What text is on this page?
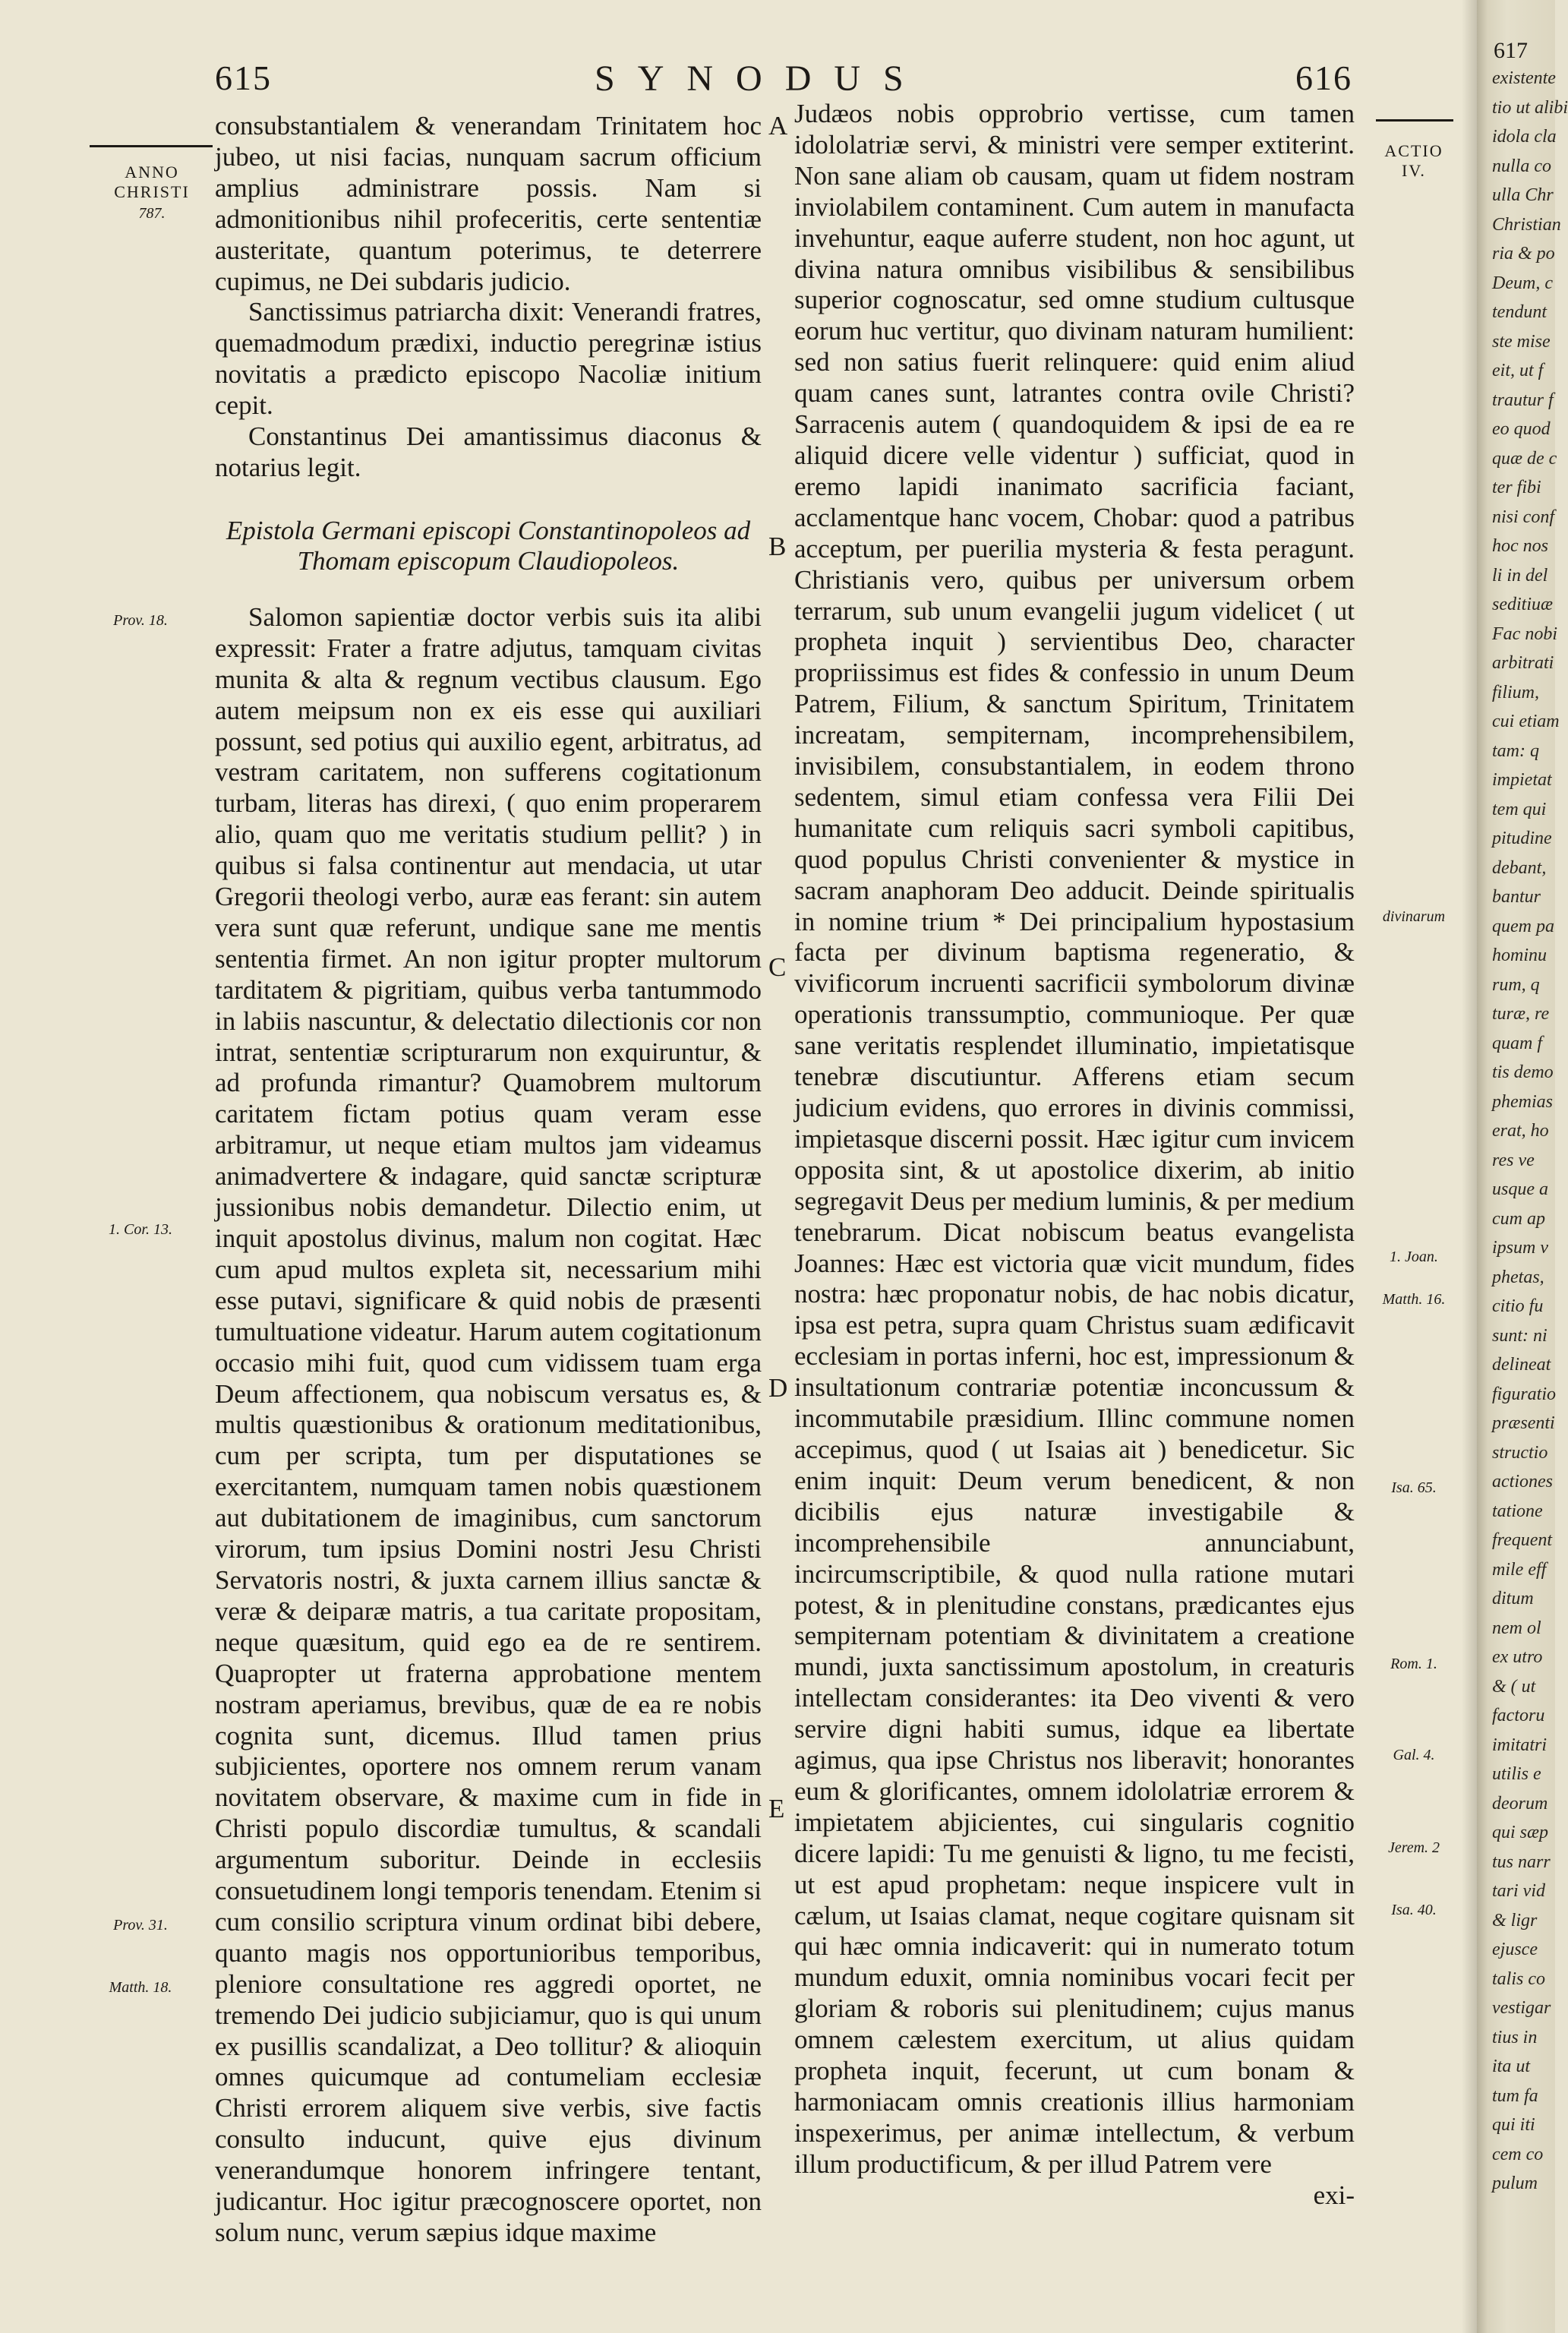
615	SYNODUS	616
ANNO
CHRISTI
787.
Prov. 18.
1. Cor. 13.
Prov. 31.
Matth. 18.
ACTIO
IV.
divinarum
1. Joan.
Matth. 16.
Isa. 65.
Rom. 1.
Gal. 4.
Jerem. 2
Isa. 40.
A
B
C
D
E

consubstantialem & venerandam Trinitatem hoc jubeo, ut nisi facias, nunquam sacrum officium amplius administrare possis. Nam si admonitionibus nihil profeceritis, certe sententiæ austeritate, quantum poterimus, te deterrere cupimus, ne Dei subdaris judicio.

Sanctissimus patriarcha dixit: Venerandi fratres, quemadmodum prædixi, inductio peregrinæ istius novitatis a prædicto episcopo Nacoliæ initium cepit.

Constantinus Dei amantissimus diaconus & notarius legit.

Epistola Germani episcopi Constantinopoleos ad Thomam episcopum Claudiopoleos.

Salomon sapientiæ doctor verbis suis ita alibi expressit: Frater a fratre adjutus, tamquam civitas munita & alta & regnum vectibus clausum. Ego autem meipsum non ex eis esse qui auxiliari possunt, sed potius qui auxilio egent, arbitratus, ad vestram caritatem, non sufferens cogitationum turbam, literas has direxi, ( quo enim properarem alio, quam quo me veritatis studium pellit? ) in quibus si falsa continentur aut mendacia, ut utar Gregorii theologi verbo, auræ eas ferant: sin autem vera sunt quæ referunt, undique sane me mentis sententia firmet. An non igitur propter multorum tarditatem & pigritiam, quibus verba tantummodo in labiis nascuntur, & delectatio dilectionis cor non intrat, sententiæ scripturarum non exquiruntur, & ad profunda rimantur? Quamobrem multorum caritatem fictam potius quam veram esse arbitramur, ut neque etiam multos jam videamus animadvertere & indagare, quid sanctæ scripturæ jussionibus nobis demandetur. Dilectio enim, ut inquit apostolus divinus, malum non cogitat. Hæc cum apud multos expleta sit, necessarium mihi esse putavi, significare & quid nobis de præsenti tumultuatione videatur. Harum autem cogitationum occasio mihi fuit, quod cum vidissem tuam erga Deum affectionem, qua nobiscum versatus es, & multis quæstionibus & orationum meditationibus, cum per scripta, tum per disputationes se exercitantem, numquam tamen nobis quæstionem aut dubitationem de imaginibus, cum sanctorum virorum, tum ipsius Domini nostri Jesu Christi Servatoris nostri, & juxta carnem illius sanctæ & veræ & deiparæ matris, a tua caritate propositam, neque quæsitum, quid ego ea de re sentirem. Quapropter ut fraterna approbatione mentem nostram aperiamus, brevibus, quæ de ea re nobis cognita sunt, dicemus. Illud tamen prius subjicientes, oportere nos omnem rerum vanam novitatem observare, & maxime cum in fide in Christi populo discordiæ tumultus, & scandali argumentum suboritur. Deinde in ecclesiis consuetudinem longi temporis tenendam. Etenim si cum consilio scriptura vinum ordinat bibi debere, quanto magis nos opportunioribus temporibus, pleniore consultatione res aggredi oportet, ne tremendo Dei judicio subjiciamur, quo is qui unum ex pusillis scandalizat, a Deo tollitur? & alioquin omnes quicumque ad contumeliam ecclesiæ Christi errorem aliquem sive verbis, sive factis consulto inducunt, quive ejus divinum venerandumque honorem infringere tentant, judicantur. Hoc igitur præcognoscere oportet, non solum nunc, verum sæpius idque maxime

Judæos nobis opprobrio vertisse, cum tamen idololatriæ servi, & ministri vere semper extiterint. Non sane aliam ob causam, quam ut fidem nostram inviolabilem contaminent. Cum autem in manufacta invehuntur, eaque auferre student, non hoc agunt, ut divina natura omnibus visibilibus & sensibilibus superior cognoscatur, sed omne studium cultusque eorum huc vertitur, quo divinam naturam humilient: sed non satius fuerit relinquere: quid enim aliud quam canes sunt, latrantes contra ovile Christi? Sarracenis autem ( quandoquidem & ipsi de ea re aliquid dicere velle videntur ) sufficiat, quod in eremo lapidi inanimato sacrificia faciant, acclamentque hanc vocem, Chobar: quod a patribus acceptum, per puerilia mysteria & festa peragunt. Christianis vero, quibus per universum orbem terrarum, sub unum evangelii jugum videlicet ( ut propheta inquit ) servientibus Deo, character propriissimus est fides & confessio in unum Deum Patrem, Filium, & sanctum Spiritum, Trinitatem increatam, sempiternam, incomprehensibilem, invisibilem, consubstantialem, in eodem throno sedentem, simul etiam confessa vera Filii Dei humanitate cum reliquis sacri symboli capitibus, quod populus Christi convenienter & mystice in sacram anaphoram Deo adducit. Deinde spiritualis in nomine trium * Dei principalium hypostasium facta per divinum baptisma regeneratio, & vivificorum incruenti sacrificii symbolorum divinæ operationis transsumptio, communioque. Per quæ sane veritatis resplendet illuminatio, impietatisque tenebræ discutiuntur. Afferens etiam secum judicium evidens, quo errores in divinis commissi, impietasque discerni possit. Hæc igitur cum invicem opposita sint, & ut apostolice dixerim, ab initio segregavit Deus per medium luminis, & per medium tenebrarum. Dicat nobiscum beatus evangelista Joannes: Hæc est victoria quæ vicit mundum, fides nostra: hæc proponatur nobis, de hac nobis dicatur, ipsa est petra, supra quam Christus suam ædificavit ecclesiam in portas inferni, hoc est, impressionum & insultationum contrariæ potentiæ inconcussum & incommutabile præsidium. Illinc commune nomen accepimus, quod ( ut Isaias ait ) benedicetur. Sic enim inquit: Deum verum benedicent, & non dicibilis ejus naturæ investigabile & incomprehensibile annunciabunt, incircumscriptibile, & quod nulla ratione mutari potest, & in plenitudine constans, prædicantes ejus sempiternam potentiam & divinitatem a creatione mundi, juxta sanctissimum apostolum, in creaturis intellectam considerantes: ita Deo viventi & vero servire digni habiti sumus, idque ea libertate agimus, qua ipse Christus nos liberavit; honorantes eum & glorificantes, omnem idololatriæ errorem & impietatem abjicientes, cui singularis cognitio dicere lapidi: Tu me genuisti & ligno, tu me fecisti, ut est apud prophetam: neque inspicere vult in cælum, ut Isaias clamat, neque cogitare quisnam sit qui hæc omnia indicaverit: qui in numerato totum mundum eduxit, omnia nominibus vocari fecit per gloriam & roboris sui plenitudinem; cujus manus omnem cælestem exercitum, ut alius quidam propheta inquit, fecerunt, ut cum bonam & harmoniacam omnis creationis illius harmoniam inspexerimus, per animæ intellectum, & verbum illum productificum, & per illud Patrem vere

exi-

617
existente
tio ut alibi
idola cla
nulla co
ulla Chr
Christian
ria & po
Deum, c
tendunt
ste mise
eit, ut f
trautur f
eo quod
quæ de c
ter fibi
nisi conf
hoc nos
li in del
seditiuæ
Fac nobi
arbitrati
filium,
cui etiam
tam: q
impietat
tem qui
pitudine
debant,
bantur
quem pa
hominu
rum, q
turæ, re
quam f
tis demo
phemias
erat, ho
res ve
usque a
cum ap
ipsum v
phetas,
citio fu
sunt: ni
delineat
figuratio
præsenti
structio
actiones
tatione
frequent
mile eff
ditum
nem ol
ex utro
& ( ut
factoru
imitatri
utilis e
deorum
qui sæp
tus narr
tari vid
& ligr
ejusce
talis co
vestigar
tius in
ita ut
tum fa
qui iti
cem co
pulum
